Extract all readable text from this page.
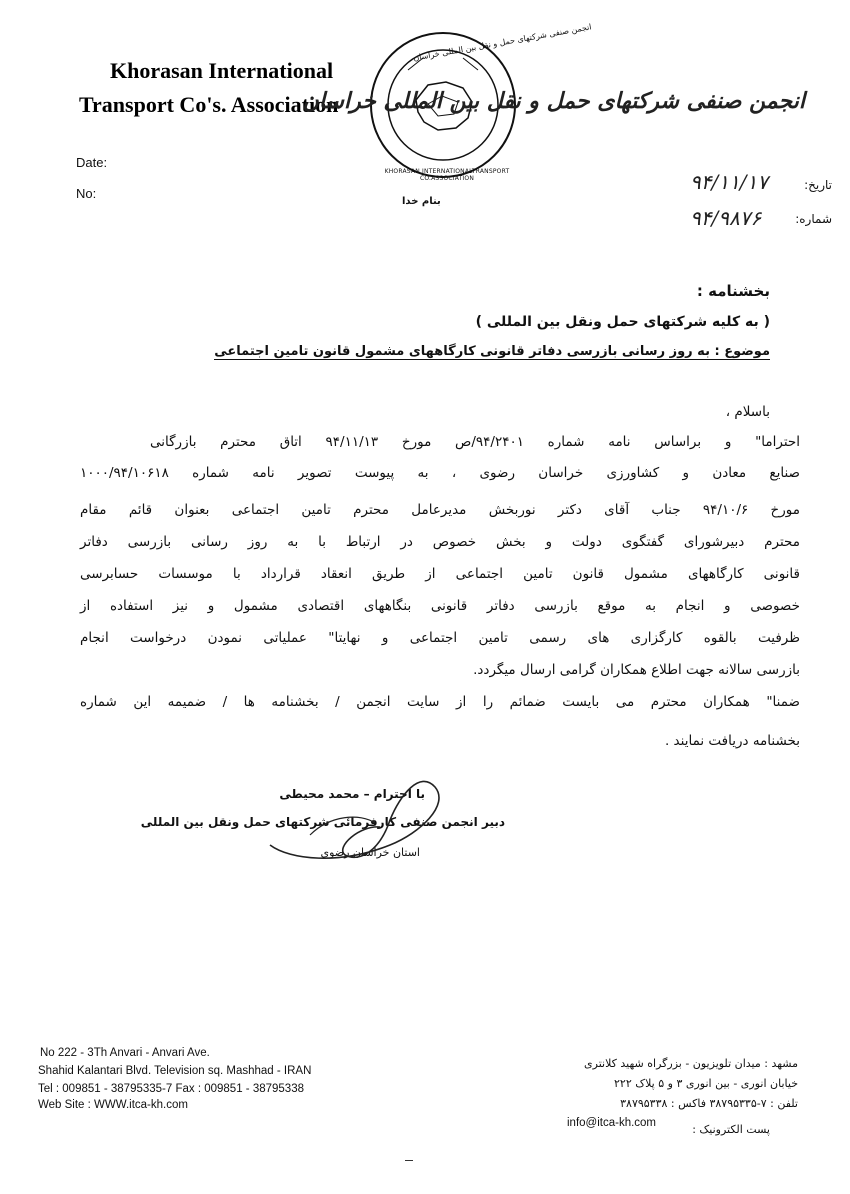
Khorasan International
Transport Co's. Association
Date:
No:
انجمن صنفی شرکتهای حمل و نقل بین المللی خراسان
KHORASAN INTERNATIONALTRANSPORT CO.ASSOCIATION
بنام خدا
انجمن صنفی شرکتهای حمل و نقل بین المللی خراسان
تاریخ:
۹۴/۱۱/۱۷
شماره:
۹۴/۹۸۷۶
بخشنامه :
( به کلیه شرکتهای حمل ونقل بین المللی )
موضوع : به روز رسانی بازرسی دفاتر قانونی کارگاههای مشمول قانون تامین اجتماعی
باسلام ،
احتراما" و براساس نامه شماره ۹۴/۲۴۰۱/ص مورخ ۹۴/۱۱/۱۳ اتاق محترم بازرگانی
صنایع معادن و کشاورزی خراسان رضوی ، به پیوست تصویر نامه شماره ۱۰۰۰/۹۴/۱۰۶۱۸
مورخ ۹۴/۱۰/۶ جناب آقای دکتر نوربخش مدیرعامل محترم تامین اجتماعی بعنوان قائم مقام
محترم دبیرشورای گفتگوی دولت و بخش خصوص در ارتباط با به روز رسانی بازرسی دفاتر
قانونی کارگاههای مشمول قانون تامین اجتماعی از طریق انعقاد قرارداد با موسسات حسابرسی
خصوصی و انجام به موقع بازرسی دفاتر قانونی بنگاههای اقتصادی مشمول و نیز استفاده از
ظرفیت بالقوه کارگزاری های رسمی تامین اجتماعی و نهایتا" عملیاتی نمودن درخواست انجام
بازرسی سالانه جهت اطلاع همکاران گرامی ارسال میگردد.
ضمنا" همکاران محترم می بایست ضمائم را از سایت انجمن / بخشنامه ها / ضمیمه این شماره
بخشنامه دریافت نمایند .
با احترام – محمد محیطی
دبیر انجمن صنفی کارفرمائی شرکتهای حمل ونقل بین المللی
استان خراسان رضوی
No 222 - 3Th Anvari - Anvari Ave.
Shahid Kalantari Blvd. Television sq. Mashhad - IRAN
Tel : 009851 - 38795335-7 Fax : 009851 - 38795338
Web Site : WWW.itca-kh.com
مشهد : میدان تلویزیون - بزرگراه شهید کلانتری
خیابان انوری - بین انوری ۳ و ۵ پلاک ۲۲۲
تلفن : ۷-۳۸۷۹۵۳۳۵ فاکس : ۳۸۷۹۵۳۳۸
پست الکترونیک :
info@itca-kh.com
